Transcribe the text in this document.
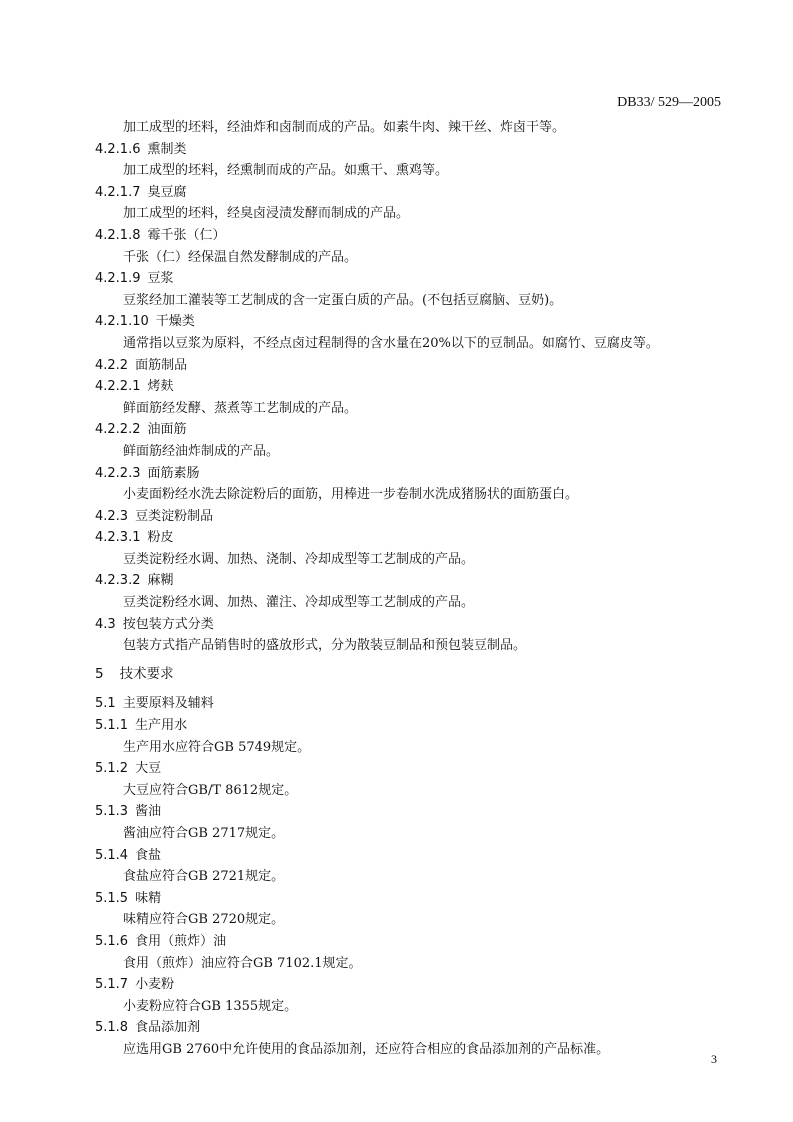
DB33/ 529—2005
加工成型的坯料，经油炸和卤制而成的产品。如素牛肉、辣干丝、炸卤干等。
4.2.1.6 熏制类
加工成型的坯料，经熏制而成的产品。如熏干、熏鸡等。
4.2.1.7 臭豆腐
加工成型的坯料，经臭卤浸渍发酵而制成的产品。
4.2.1.8 霉千张（仁）
千张（仁）经保温自然发酵制成的产品。
4.2.1.9 豆浆
豆浆经加工灌装等工艺制成的含一定蛋白质的产品。(不包括豆腐脑、豆奶)。
4.2.1.10 干燥类
通常指以豆浆为原料，不经点卤过程制得的含水量在20%以下的豆制品。如腐竹、豆腐皮等。
4.2.2 面筋制品
4.2.2.1 烤麸
鲜面筋经发酵、蒸煮等工艺制成的产品。
4.2.2.2 油面筋
鲜面筋经油炸制成的产品。
4.2.2.3 面筋素肠
小麦面粉经水洗去除淀粉后的面筋，用棒进一步卷制水洗成猪肠状的面筋蛋白。
4.2.3 豆类淀粉制品
4.2.3.1 粉皮
豆类淀粉经水调、加热、浇制、冷却成型等工艺制成的产品。
4.2.3.2 麻糊
豆类淀粉经水调、加热、灌注、冷却成型等工艺制成的产品。
4.3 按包装方式分类
包装方式指产品销售时的盛放形式，分为散装豆制品和预包装豆制品。
5 技术要求
5.1 主要原料及辅料
5.1.1 生产用水
生产用水应符合GB 5749规定。
5.1.2 大豆
大豆应符合GB/T 8612规定。
5.1.3 酱油
酱油应符合GB 2717规定。
5.1.4 食盐
食盐应符合GB 2721规定。
5.1.5 味精
味精应符合GB 2720规定。
5.1.6 食用（煎炸）油
食用（煎炸）油应符合GB 7102.1规定。
5.1.7 小麦粉
小麦粉应符合GB 1355规定。
5.1.8 食品添加剂
应选用GB 2760中允许使用的食品添加剂，还应符合相应的食品添加剂的产品标准。
3
